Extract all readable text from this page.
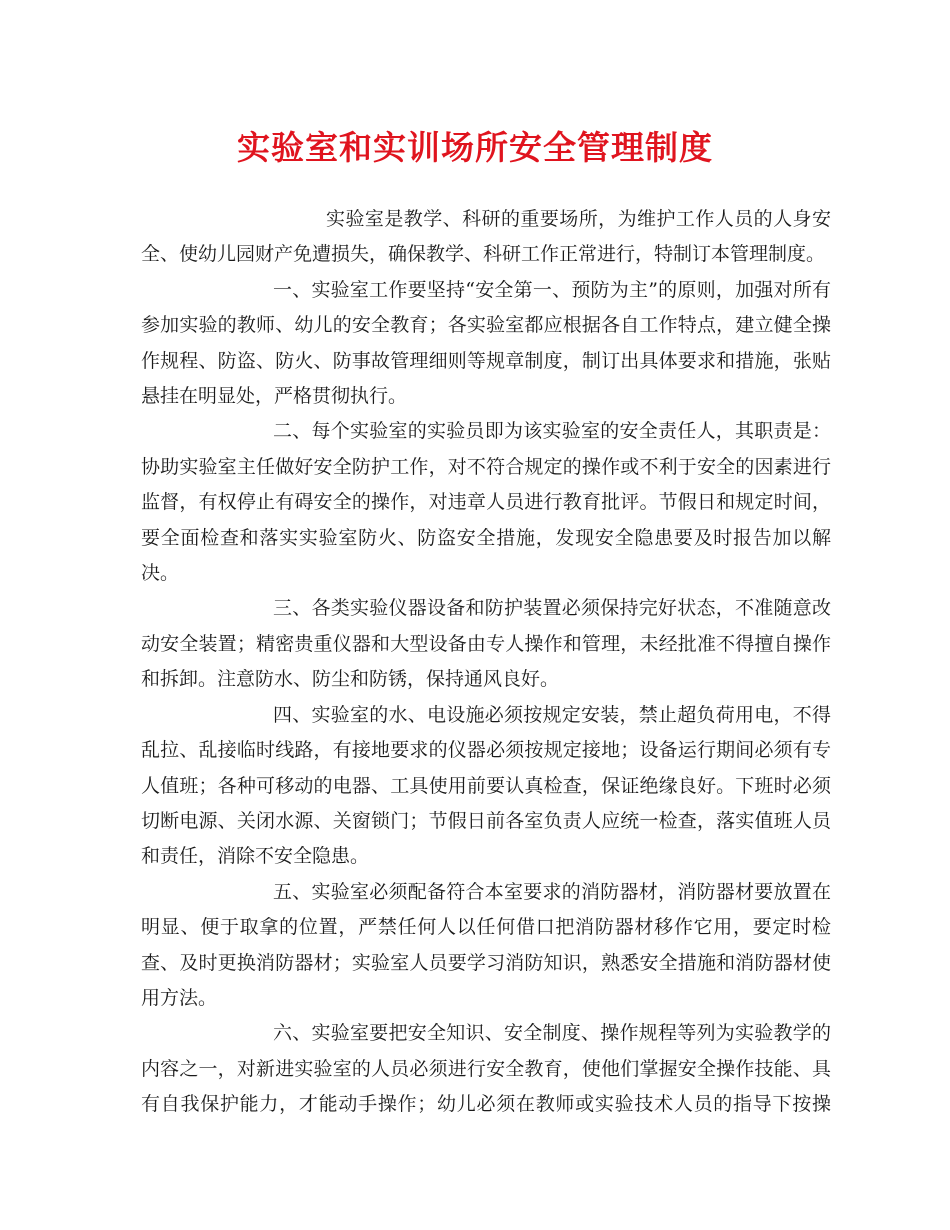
实验室和实训场所安全管理制度

实验室是教学、科研的重要场所，为维护工作人员的人身安全、使幼儿园财产免遭损失，确保教学、科研工作正常进行，特制订本管理制度。

一、实验室工作要坚持“安全第一、预防为主”的原则，加强对所有参加实验的教师、幼儿的安全教育；各实验室都应根据各自工作特点，建立健全操作规程、防盗、防火、防事故管理细则等规章制度，制订出具体要求和措施，张贴悬挂在明显处，严格贯彻执行。

二、每个实验室的实验员即为该实验室的安全责任人，其职责是：协助实验室主任做好安全防护工作，对不符合规定的操作或不利于安全的因素进行监督，有权停止有碍安全的操作，对违章人员进行教育批评。节假日和规定时间，要全面检查和落实实验室防火、防盗安全措施，发现安全隐患要及时报告加以解决。

三、各类实验仪器设备和防护装置必须保持完好状态，不准随意改动安全装置；精密贵重仪器和大型设备由专人操作和管理，未经批准不得擅自操作和拆卸。注意防水、防尘和防锈，保持通风良好。

四、实验室的水、电设施必须按规定安装，禁止超负荷用电，不得乱拉、乱接临时线路，有接地要求的仪器必须按规定接地；设备运行期间必须有专人值班；各种可移动的电器、工具使用前要认真检查，保证绝缘良好。下班时必须切断电源、关闭水源、关窗锁门；节假日前各室负责人应统一检查，落实值班人员和责任，消除不安全隐患。

五、实验室必须配备符合本室要求的消防器材，消防器材要放置在明显、便于取拿的位置，严禁任何人以任何借口把消防器材移作它用，要定时检查、及时更换消防器材；实验室人员要学习消防知识，熟悉安全措施和消防器材使用方法。

六、实验室要把安全知识、安全制度、操作规程等列为实验教学的内容之一，对新进实验室的人员必须进行安全教育，使他们掌握安全操作技能、具有自我保护能力，才能动手操作；幼儿必须在教师或实验技术人员的指导下按操
